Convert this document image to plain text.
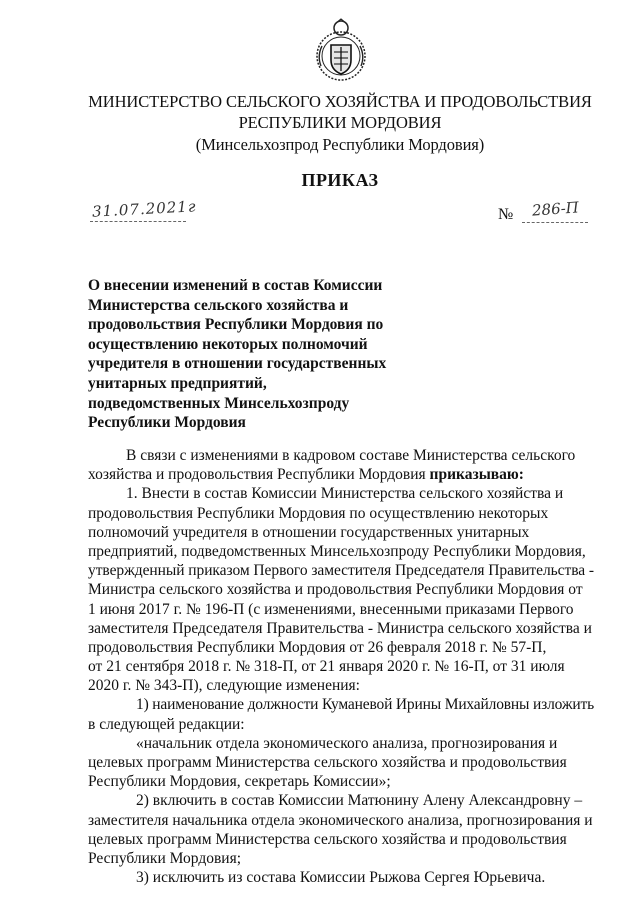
МИНИСТЕРСТВО СЕЛЬСКОГО ХОЗЯЙСТВА И ПРОДОВОЛЬСТВИЯ
РЕСПУБЛИКИ МОРДОВИЯ
(Минсельхозпрод Республики Мордовия)
ПРИКАЗ
31.07.2021г	№ 286-П
О внесении изменений в состав Комиссии
Министерства сельского хозяйства и
продовольствия Республики Мордовия по
осуществлению некоторых полномочий
учредителя в отношении государственных
унитарных предприятий,
подведомственных Минсельхозпроду
Республики Мордовия
В связи с изменениями в кадровом составе Министерства сельского
хозяйства и продовольствия Республики Мордовия приказываю:
1. Внести в состав Комиссии Министерства сельского хозяйства и
продовольствия Республики Мордовия по осуществлению некоторых
полномочий учредителя в отношении государственных унитарных
предприятий, подведомственных Минсельхозпроду Республики Мордовия,
утвержденный приказом Первого заместителя Председателя Правительства -
Министра сельского хозяйства и продовольствия Республики Мордовия от
1 июня 2017 г. № 196-П (с изменениями, внесенными приказами Первого
заместителя Председателя Правительства - Министра сельского хозяйства и
продовольствия Республики Мордовия от 26 февраля 2018 г. № 57-П,
от 21 сентября 2018 г. № 318-П, от 21 января 2020 г. № 16-П, от 31 июля
2020 г. № 343-П), следующие изменения:
1) наименование должности Куманевой Ирины Михайловны изложить
в следующей редакции:
«начальник отдела экономического анализа, прогнозирования и
целевых программ Министерства сельского хозяйства и продовольствия
Республики Мордовия, секретарь Комиссии»;
2) включить в состав Комиссии Матюнину Алену Александровну –
заместителя начальника отдела экономического анализа, прогнозирования и
целевых программ Министерства сельского хозяйства и продовольствия
Республики Мордовия;
3) исключить из состава Комиссии Рыжова Сергея Юрьевича.
